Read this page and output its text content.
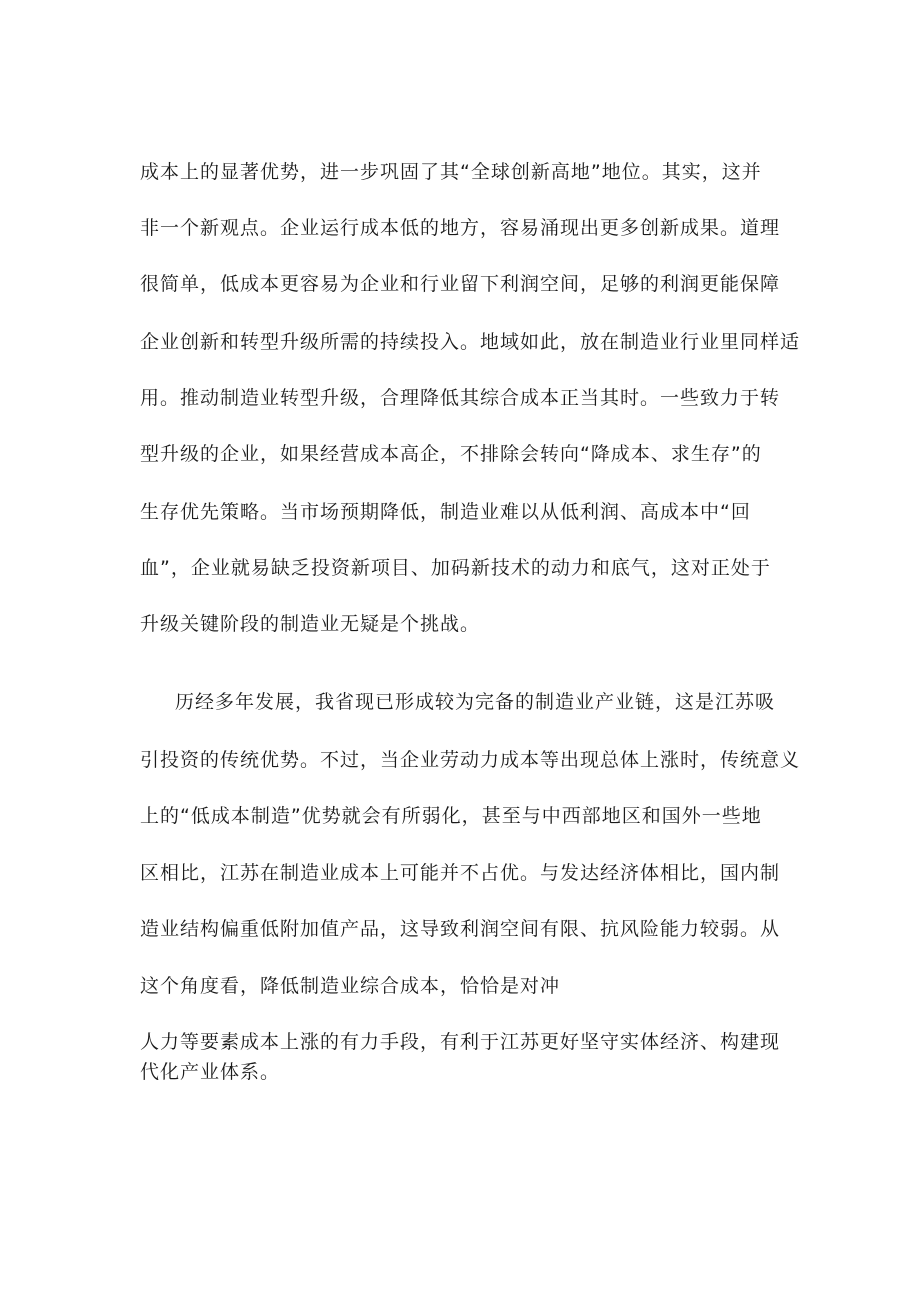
成本上的显著优势，进一步巩固了其“全球创新高地”地位。其实，这并
非一个新观点。企业运行成本低的地方，容易涌现出更多创新成果。道理
很简单，低成本更容易为企业和行业留下利润空间，足够的利润更能保障
企业创新和转型升级所需的持续投入。地域如此，放在制造业行业里同样适
用。推动制造业转型升级，合理降低其综合成本正当其时。一些致力于转
型升级的企业，如果经营成本高企，不排除会转向“降成本、求生存”的
生存优先策略。当市场预期降低，制造业难以从低利润、高成本中“回
血”，企业就易缺乏投资新项目、加码新技术的动力和底气，这对正处于
升级关键阶段的制造业无疑是个挑战。
历经多年发展，我省现已形成较为完备的制造业产业链，这是江苏吸
引投资的传统优势。不过，当企业劳动力成本等出现总体上涨时，传统意义
上的“低成本制造”优势就会有所弱化，甚至与中西部地区和国外一些地
区相比，江苏在制造业成本上可能并不占优。与发达经济体相比，国内制
造业结构偏重低附加值产品，这导致利润空间有限、抗风险能力较弱。从
这个角度看，降低制造业综合成本，恰恰是对冲
人力等要素成本上涨的有力手段，有利于江苏更好坚守实体经济、构建现
代化产业体系。
